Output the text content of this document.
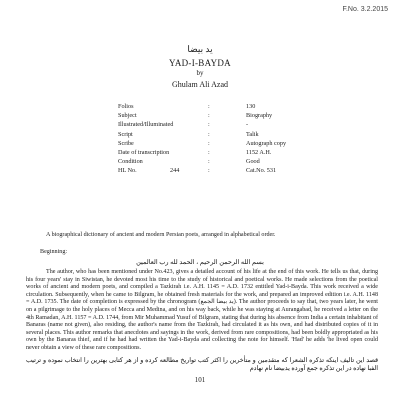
F.No. 3.2.2015
يد بيضا
YAD-I-BAYDA
by
Ghulam Ali Azad
Folios	:	130
Subject	:	Biography
Illustrated/Illuminated	:	-
Script	:	Talik
Scribe	:	Autograph copy
Date of transcription	:	1152 A.H.
Condition	:	Good
HL No.	244	:	Cat.No. 531
A biographical dictionary of ancient and modern Persian poets, arranged in alphabetical order.
Beginning:
بسم الله الرحمن الرحيم ، الحمد لله رب العالمين
The author, who has been mentioned under No.423, gives a detailed account of his life at the end of this work. He tells us that, during his four years' stay in Siwistan, he devoted most his time to the study of historical and poetical works. He made selections from the poetical works of ancient and modern poets, and compiled a Tazkirah i.e. A.H. 1145 = A.D. 1732 entitled Yad-i-Bayda. This work received a wide circulation. Subsequently, when he came to Bilgram, he obtained fresh materials for the work, and prepared an improved edition i.e. A.H. 1148 = A.D. 1735. The date of completion is expressed by the chronogram (يد بيضا الجمع). The author proceeds to say that, two years later, he went on a pilgrimage to the holy places of Mecca and Medina, and on his way back, while he was staying at Aurangabad, he received a letter on the 4th Ramadan, A.H. 1157 = A.D. 1744, from Mir Muhammad Yusuf of Bilgram, stating that during his absence from India a certain inhabitant of Banaras (name not given), also residing, the author's name from the Tazkirah, had circulated it as his own, and had distributed copies of it in several places. This author remarks that anecdotes and sayings in the work, derived from rare compositions, had been boldly appropriated as his own by the Banaras thief, and if he had had written the Yad-i-Bayda and collecting the note for himself. 'Had' he adds 'he lived open could never obtain a view of these rare compositions.
قصد این تاليف اینکه تذکره الشعرا که متقدمین و متأخرین را اکثر کتب تواریخ مطالعه کرده و از هر کتابی بهترین را انتخاب نموده و ترتیب الفبا نهاده در این تذکره جمع آورده یدبیضا نام نهادم
101
